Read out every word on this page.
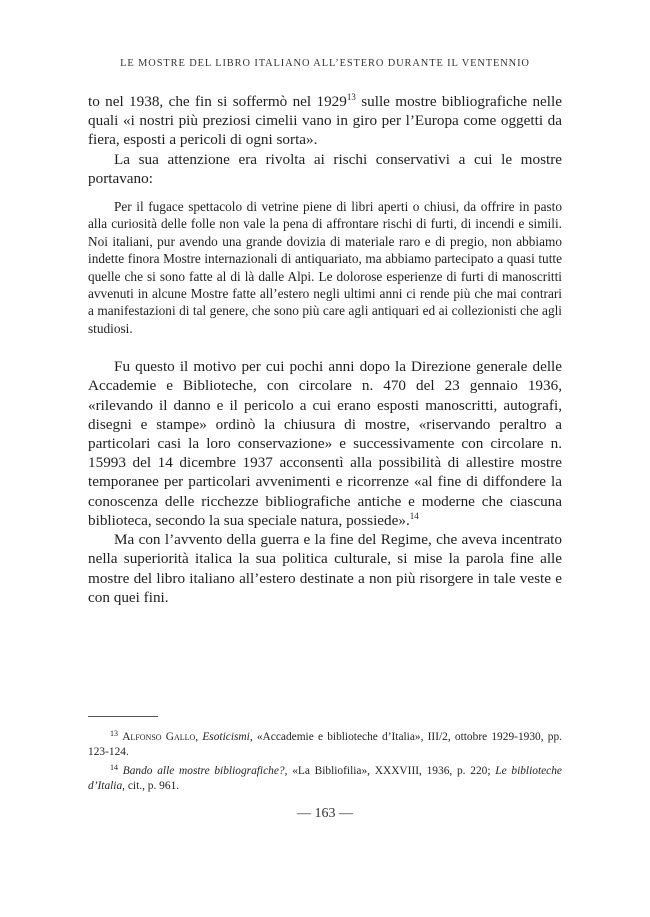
LE MOSTRE DEL LIBRO ITALIANO ALL’ESTERO DURANTE IL VENTENNIO

to nel 1938, che fin si soffermò nel 1929$^{13}$ sulle mostre bibliografiche nelle quali «i nostri più preziosi cimelii vano in giro per l’Europa come oggetti da fiera, esposti a pericoli di ogni sorta».

La sua attenzione era rivolta ai rischi conservativi a cui le mostre portavano:

Per il fugace spettacolo di vetrine piene di libri aperti o chiusi, da offrire in pasto alla curiosità delle folle non vale la pena di affrontare rischi di furti, di incendi e simili. Noi italiani, pur avendo una grande dovizia di materiale raro e di pregio, non abbiamo indette finora Mostre internazionali di antiquariato, ma abbiamo partecipato a quasi tutte quelle che si sono fatte al di là dalle Alpi. Le dolorose esperienze di furti di manoscritti avvenuti in alcune Mostre fatte all’estero negli ultimi anni ci rende più che mai contrari a manifestazioni di tal genere, che sono più care agli antiquari ed ai collezionisti che agli studiosi.

Fu questo il motivo per cui pochi anni dopo la Direzione generale delle Accademie e Biblioteche, con circolare n. 470 del 23 gennaio 1936, «rilevando il danno e il pericolo a cui erano esposti manoscritti, autografi, disegni e stampe» ordinò la chiusura di mostre, «riservando peraltro a particolari casi la loro conservazione» e successivamente con circolare n. 15993 del 14 dicembre 1937 acconsentì alla possibilità di allestire mostre temporanee per particolari avvenimenti e ricorrenze «al fine di diffondere la conoscenza delle ricchezze bibliografiche antiche e moderne che ciascuna biblioteca, secondo la sua speciale natura, possiede».$^{14}$

Ma con l’avvento della guerra e la fine del Regime, che aveva incentrato nella superiorità italica la sua politica culturale, si mise la parola fine alle mostre del libro italiano all’estero destinate a non più risorgere in tale veste e con quei fini.

$^{13}$ Alfonso Gallo, Esoticismi, «Accademie e biblioteche d’Italia», III/2, ottobre 1929-1930, pp. 123-124.

$^{14}$ Bando alle mostre bibliografiche?, «La Bibliofilia», XXXVIII, 1936, p. 220; Le biblioteche d’Italia, cit., p. 961.

— 163 —
